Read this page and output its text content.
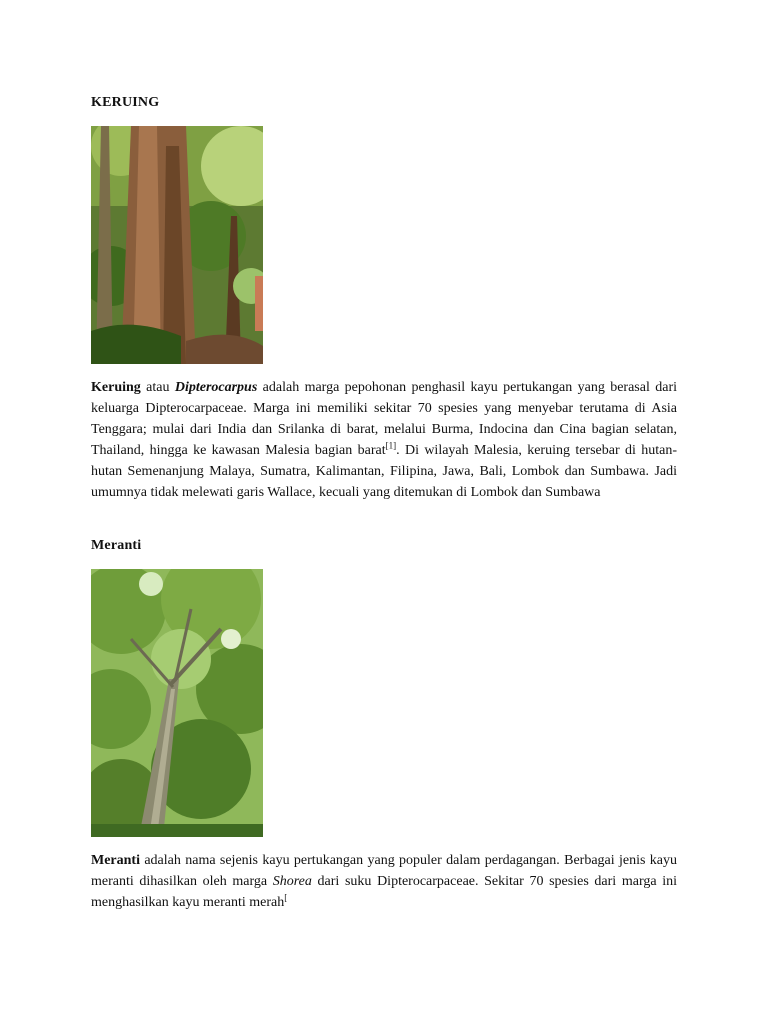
KERUING

Keruing atau Dipterocarpus adalah marga pepohonan penghasil kayu pertukangan yang berasal dari keluarga Dipterocarpaceae. Marga ini memiliki sekitar 70 spesies yang menyebar terutama di Asia Tenggara; mulai dari India dan Srilanka di barat, melalui Burma, Indocina dan Cina bagian selatan, Thailand, hingga ke kawasan Malesia bagian barat[1]. Di wilayah Malesia, keruing tersebar di hutan-hutan Semenanjung Malaya, Sumatra, Kalimantan, Filipina, Jawa, Bali, Lombok dan Sumbawa. Jadi umumnya tidak melewati garis Wallace, kecuali yang ditemukan di Lombok dan Sumbawa

Meranti

Meranti adalah nama sejenis kayu pertukangan yang populer dalam perdagangan. Berbagai jenis kayu meranti dihasilkan oleh marga Shorea dari suku Dipterocarpaceae. Sekitar 70 spesies dari marga ini menghasilkan kayu meranti merah[
